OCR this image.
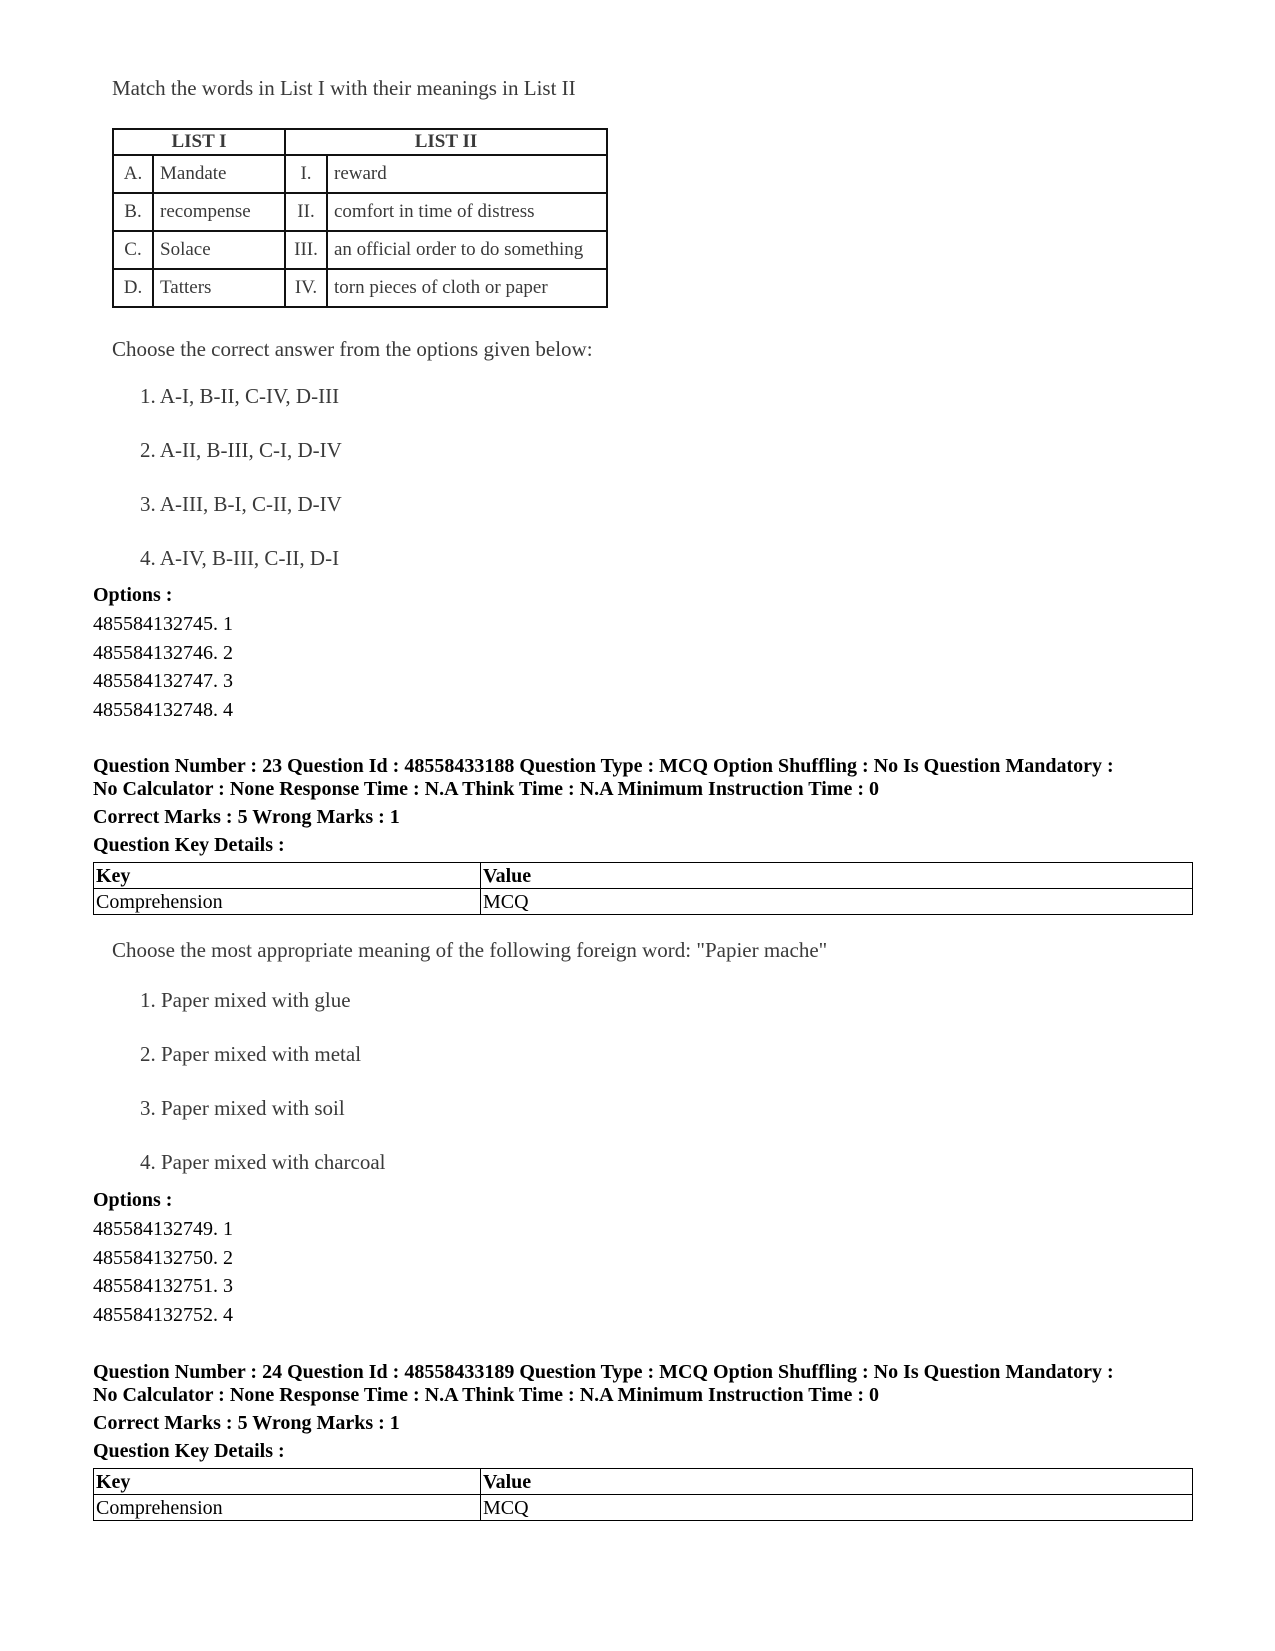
Match the words in List I with their meanings in List II
LIST I		LIST II	
A.	Mandate	I.	reward
B.	recompense	II.	comfort in time of distress
C.	Solace	III.	an official order to do something
D.	Tatters	IV.	torn pieces of cloth or paper
Choose the correct answer from the options given below:
1. A-I, B-II, C-IV, D-III
2. A-II, B-III, C-I, D-IV
3. A-III, B-I, C-II, D-IV
4. A-IV, B-III, C-II, D-I
Options :
485584132745. 1
485584132746. 2
485584132747. 3
485584132748. 4
Question Number : 23 Question Id : 48558433188 Question Type : MCQ Option Shuffling : No Is Question Mandatory :
No Calculator : None Response Time : N.A Think Time : N.A Minimum Instruction Time : 0
Correct Marks : 5 Wrong Marks : 1
Question Key Details :
Key	Value
Comprehension	MCQ
Choose the most appropriate meaning of the following foreign word: "Papier mache"
1. Paper mixed with glue
2. Paper mixed with metal
3. Paper mixed with soil
4. Paper mixed with charcoal
Options :
485584132749. 1
485584132750. 2
485584132751. 3
485584132752. 4
Question Number : 24 Question Id : 48558433189 Question Type : MCQ Option Shuffling : No Is Question Mandatory :
No Calculator : None Response Time : N.A Think Time : N.A Minimum Instruction Time : 0
Correct Marks : 5 Wrong Marks : 1
Question Key Details :
Key	Value
Comprehension	MCQ
